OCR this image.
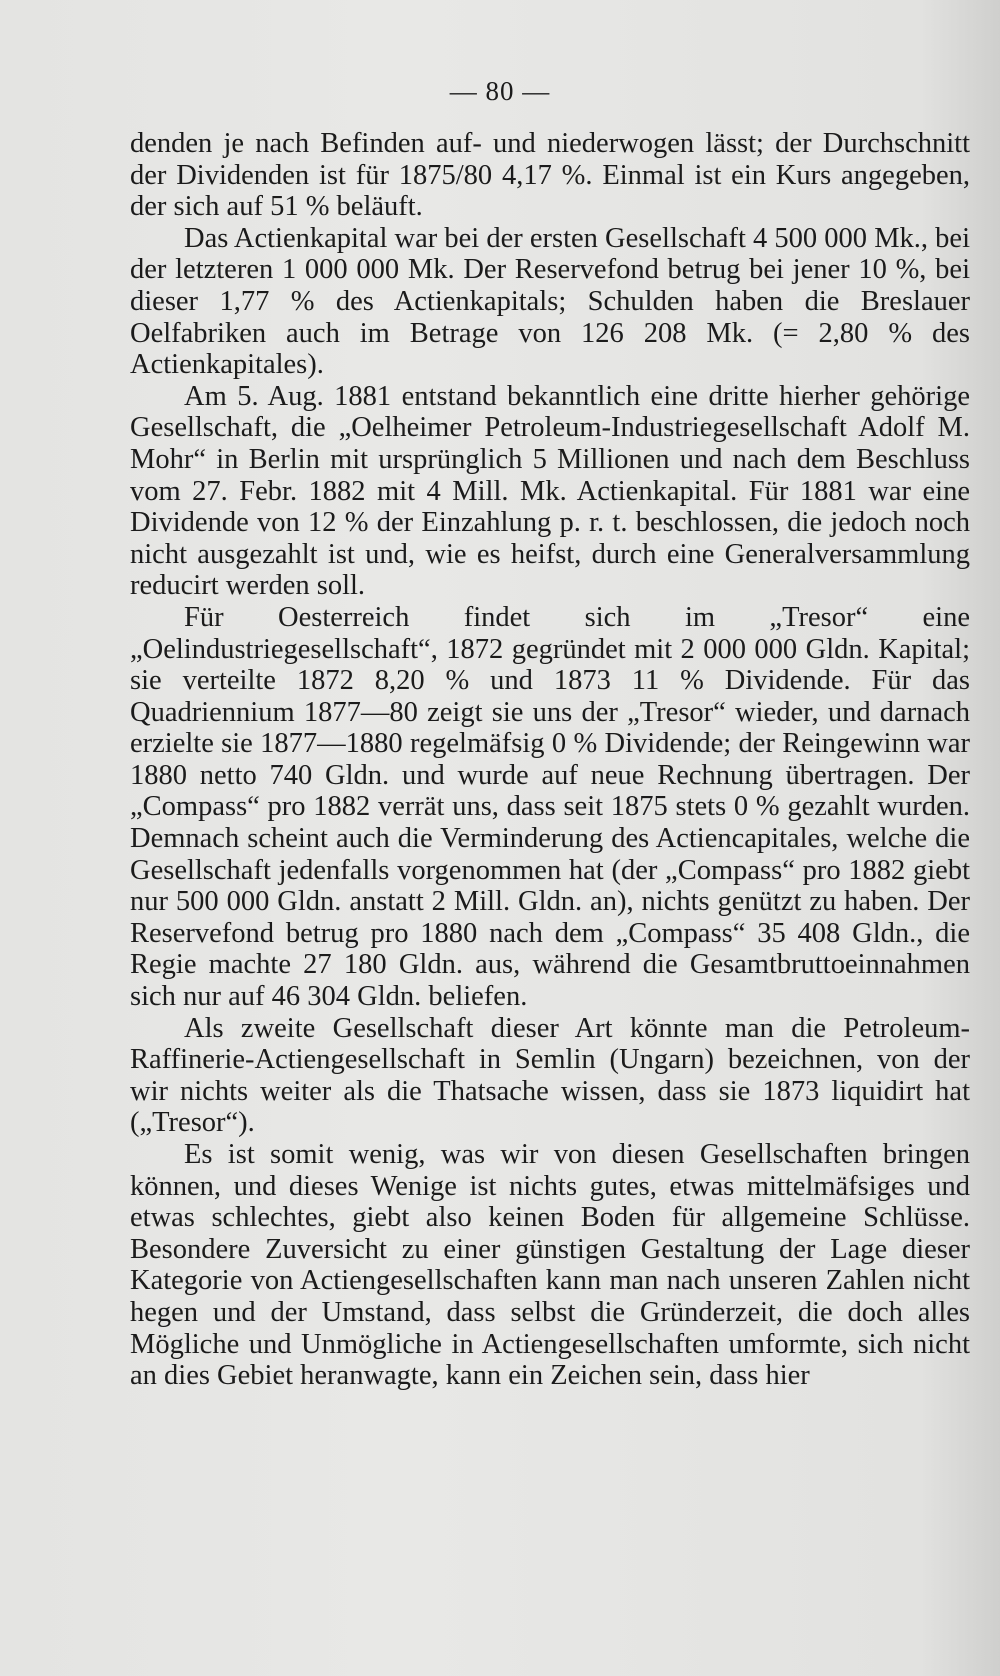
— 80 —

denden je nach Befinden auf- und niederwogen lässt; der Durchschnitt der Dividenden ist für 1875/80 4,17 %. Einmal ist ein Kurs angegeben, der sich auf 51 % beläuft.

Das Actienkapital war bei der ersten Gesellschaft 4 500 000 Mk., bei der letzteren 1 000 000 Mk. Der Reservefond betrug bei jener 10 %, bei dieser 1,77 % des Actienkapitals; Schulden haben die Breslauer Oelfabriken auch im Betrage von 126 208 Mk. (= 2,80 % des Actienkapitales).

Am 5. Aug. 1881 entstand bekanntlich eine dritte hierher gehörige Gesellschaft, die „Oelheimer Petroleum-Industriegesellschaft Adolf M. Mohr“ in Berlin mit ursprünglich 5 Millionen und nach dem Beschluss vom 27. Febr. 1882 mit 4 Mill. Mk. Actienkapital. Für 1881 war eine Dividende von 12 % der Einzahlung p. r. t. beschlossen, die jedoch noch nicht ausgezahlt ist und, wie es heifst, durch eine Generalversammlung reducirt werden soll.

Für Oesterreich findet sich im „Tresor“ eine „Oelindustriegesellschaft“, 1872 gegründet mit 2 000 000 Gldn. Kapital; sie verteilte 1872 8,20 % und 1873 11 % Dividende. Für das Quadriennium 1877—80 zeigt sie uns der „Tresor“ wieder, und darnach erzielte sie 1877—1880 regelmäfsig 0 % Dividende; der Reingewinn war 1880 netto 740 Gldn. und wurde auf neue Rechnung übertragen. Der „Compass“ pro 1882 verrät uns, dass seit 1875 stets 0 % gezahlt wurden. Demnach scheint auch die Verminderung des Actiencapitales, welche die Gesellschaft jedenfalls vorgenommen hat (der „Compass“ pro 1882 giebt nur 500 000 Gldn. anstatt 2 Mill. Gldn. an), nichts genützt zu haben. Der Reservefond betrug pro 1880 nach dem „Compass“ 35 408 Gldn., die Regie machte 27 180 Gldn. aus, während die Gesamtbruttoeinnahmen sich nur auf 46 304 Gldn. beliefen.

Als zweite Gesellschaft dieser Art könnte man die Petroleum-Raffinerie-Actiengesellschaft in Semlin (Ungarn) bezeichnen, von der wir nichts weiter als die Thatsache wissen, dass sie 1873 liquidirt hat („Tresor“).

Es ist somit wenig, was wir von diesen Gesellschaften bringen können, und dieses Wenige ist nichts gutes, etwas mittelmäfsiges und etwas schlechtes, giebt also keinen Boden für allgemeine Schlüsse. Besondere Zuversicht zu einer günstigen Gestaltung der Lage dieser Kategorie von Actiengesellschaften kann man nach unseren Zahlen nicht hegen und der Umstand, dass selbst die Gründerzeit, die doch alles Mögliche und Unmögliche in Actiengesellschaften umformte, sich nicht an dies Gebiet heranwagte, kann ein Zeichen sein, dass hier
